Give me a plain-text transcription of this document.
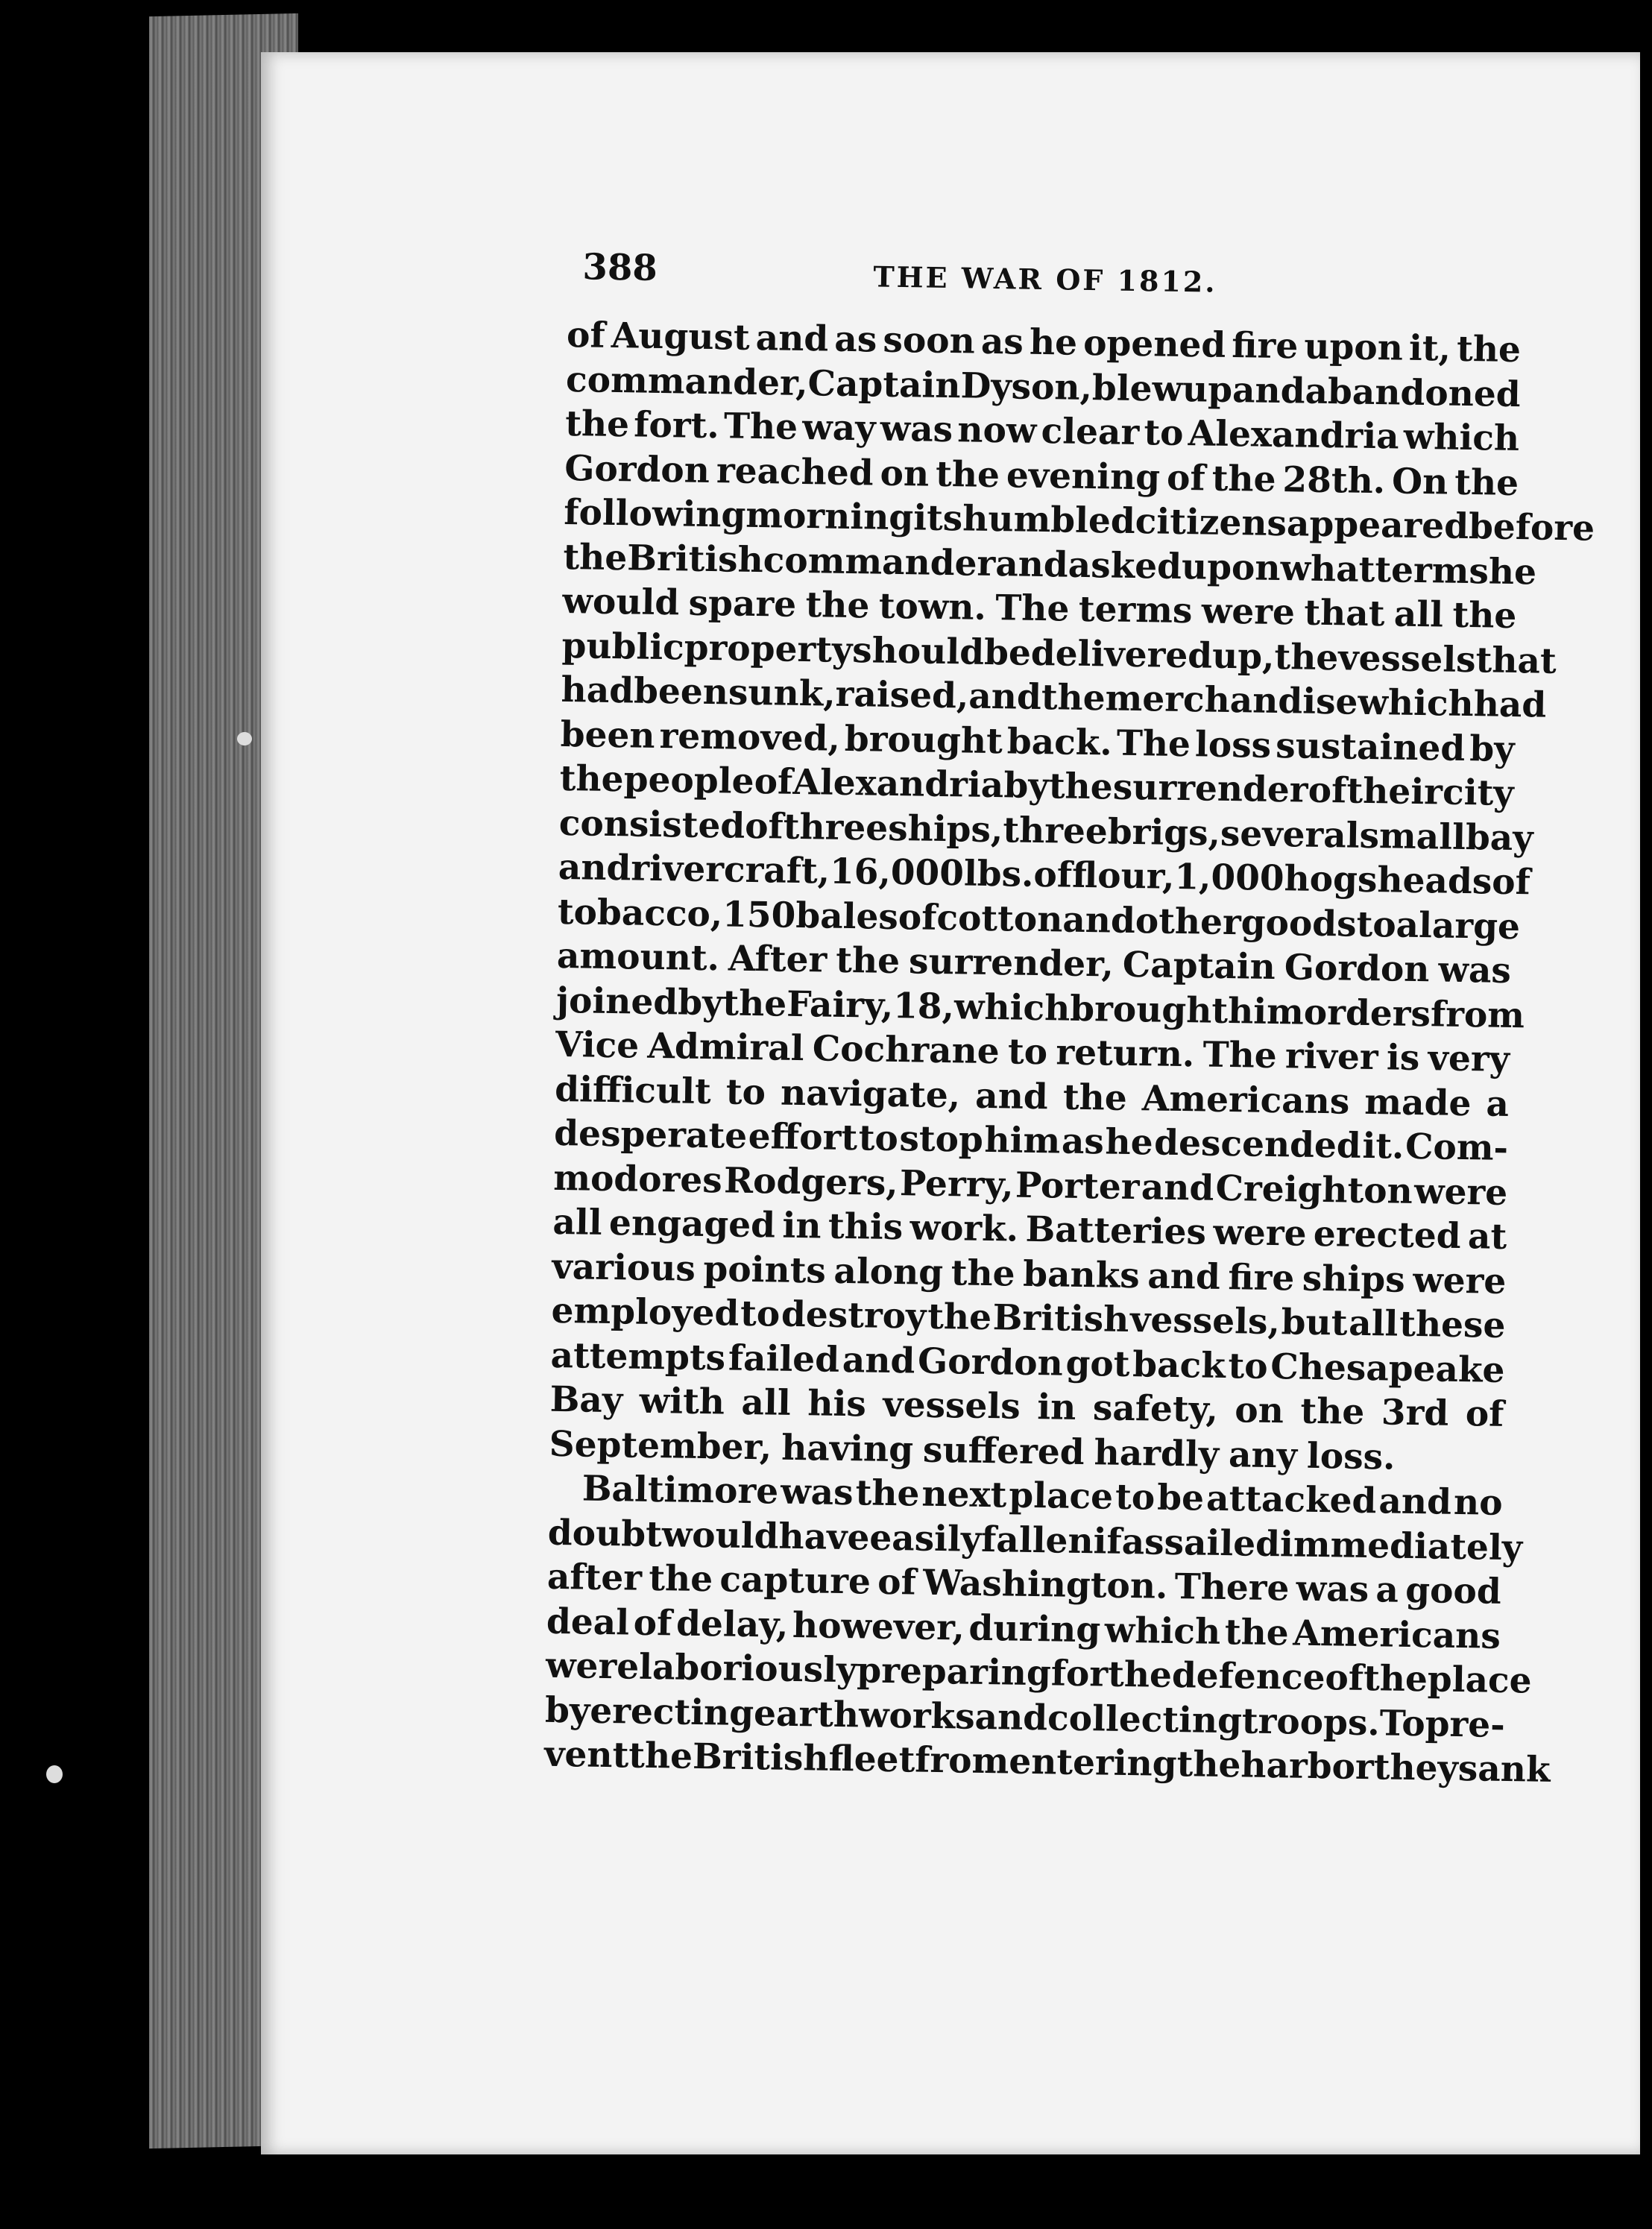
388	THE WAR OF 1812.
of August and as soon as he opened fire upon it, the
commander, Captain Dyson, blew up and abandoned
the fort. The way was now clear to Alexandria which
Gordon reached on the evening of the 28th. On the
following morning its humbled citizens appeared before
the British commander and asked upon what terms he
would spare the town. The terms were that all the
public property should be delivered up, the vessels that
had been sunk, raised, and the merchandise which had
been removed, brought back. The loss sustained by
the people of Alexandria by the surrender of their city
consisted of three ships, three brigs, several small bay
and river craft, 16,000 lbs. of flour, 1,000 hogsheads of
tobacco, 150 bales of cotton and other goods to a large
amount. After the surrender, Captain Gordon was
joined by the Fairy, 18, which brought him orders from
Vice Admiral Cochrane to return. The river is very
difficult to navigate, and the Americans made a
desperate effort to stop him as he descended it. Com-
modores Rodgers, Perry, Porter and Creighton were
all engaged in this work. Batteries were erected at
various points along the banks and fire ships were
employed to destroy the British vessels, but all these
attempts failed and Gordon got back to Chesapeake
Bay with all his vessels in safety, on the 3rd of
September, having suffered hardly any loss.
Baltimore was the next place to be attacked and no
doubt would have easily fallen if assailed immediately
after the capture of Washington. There was a good
deal of delay, however, during which the Americans
were laboriously preparing for the defence of the place
by erecting earthworks and collecting troops. To pre-
vent the British fleet from entering the harbor they sank
